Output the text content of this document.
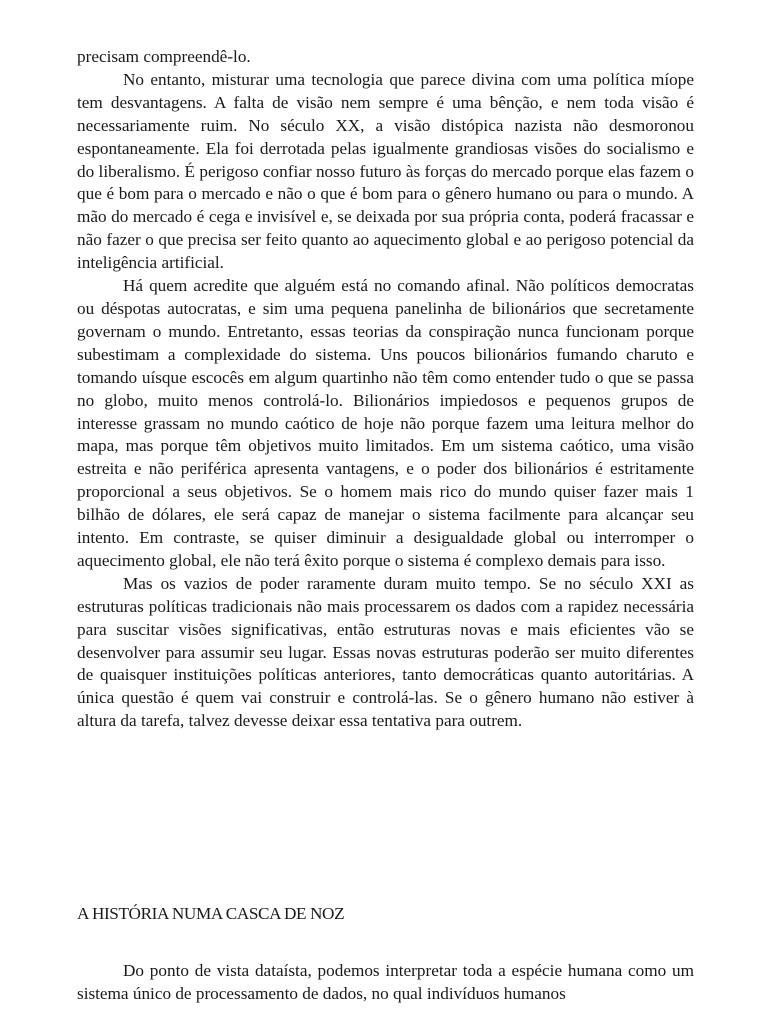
precisam compreendê-lo.

No entanto, misturar uma tecnologia que parece divina com uma política míope tem desvantagens. A falta de visão nem sempre é uma bênção, e nem toda visão é necessariamente ruim. No século XX, a visão distópica nazista não desmoronou espontaneamente. Ela foi derrotada pelas igualmente grandiosas visões do socialismo e do liberalismo. É perigoso confiar nosso futuro às forças do mercado porque elas fazem o que é bom para o mercado e não o que é bom para o gênero humano ou para o mundo. A mão do mercado é cega e invisível e, se deixada por sua própria conta, poderá fracassar e não fazer o que precisa ser feito quanto ao aquecimento global e ao perigoso potencial da inteligência artificial.

Há quem acredite que alguém está no comando afinal. Não políticos democratas ou déspotas autocratas, e sim uma pequena panelinha de bilionários que secretamente governam o mundo. Entretanto, essas teorias da conspiração nunca funcionam porque subestimam a complexidade do sistema. Uns poucos bilionários fumando charuto e tomando uísque escocês em algum quartinho não têm como entender tudo o que se passa no globo, muito menos controlá-lo. Bilionários impiedosos e pequenos grupos de interesse grassam no mundo caótico de hoje não porque fazem uma leitura melhor do mapa, mas porque têm objetivos muito limitados. Em um sistema caótico, uma visão estreita e não periférica apresenta vantagens, e o poder dos bilionários é estritamente proporcional a seus objetivos. Se o homem mais rico do mundo quiser fazer mais 1 bilhão de dólares, ele será capaz de manejar o sistema facilmente para alcançar seu intento. Em contraste, se quiser diminuir a desigualdade global ou interromper o aquecimento global, ele não terá êxito porque o sistema é complexo demais para isso.

Mas os vazios de poder raramente duram muito tempo. Se no século XXI as estruturas políticas tradicionais não mais processarem os dados com a rapidez necessária para suscitar visões significativas, então estruturas novas e mais eficientes vão se desenvolver para assumir seu lugar. Essas novas estruturas poderão ser muito diferentes de quaisquer instituições políticas anteriores, tanto democráticas quanto autoritárias. A única questão é quem vai construir e controlá-las. Se o gênero humano não estiver à altura da tarefa, talvez devesse deixar essa tentativa para outrem.

A HISTÓRIA NUMA CASCA DE NOZ

Do ponto de vista dataísta, podemos interpretar toda a espécie humana como um sistema único de processamento de dados, no qual indivíduos humanos
